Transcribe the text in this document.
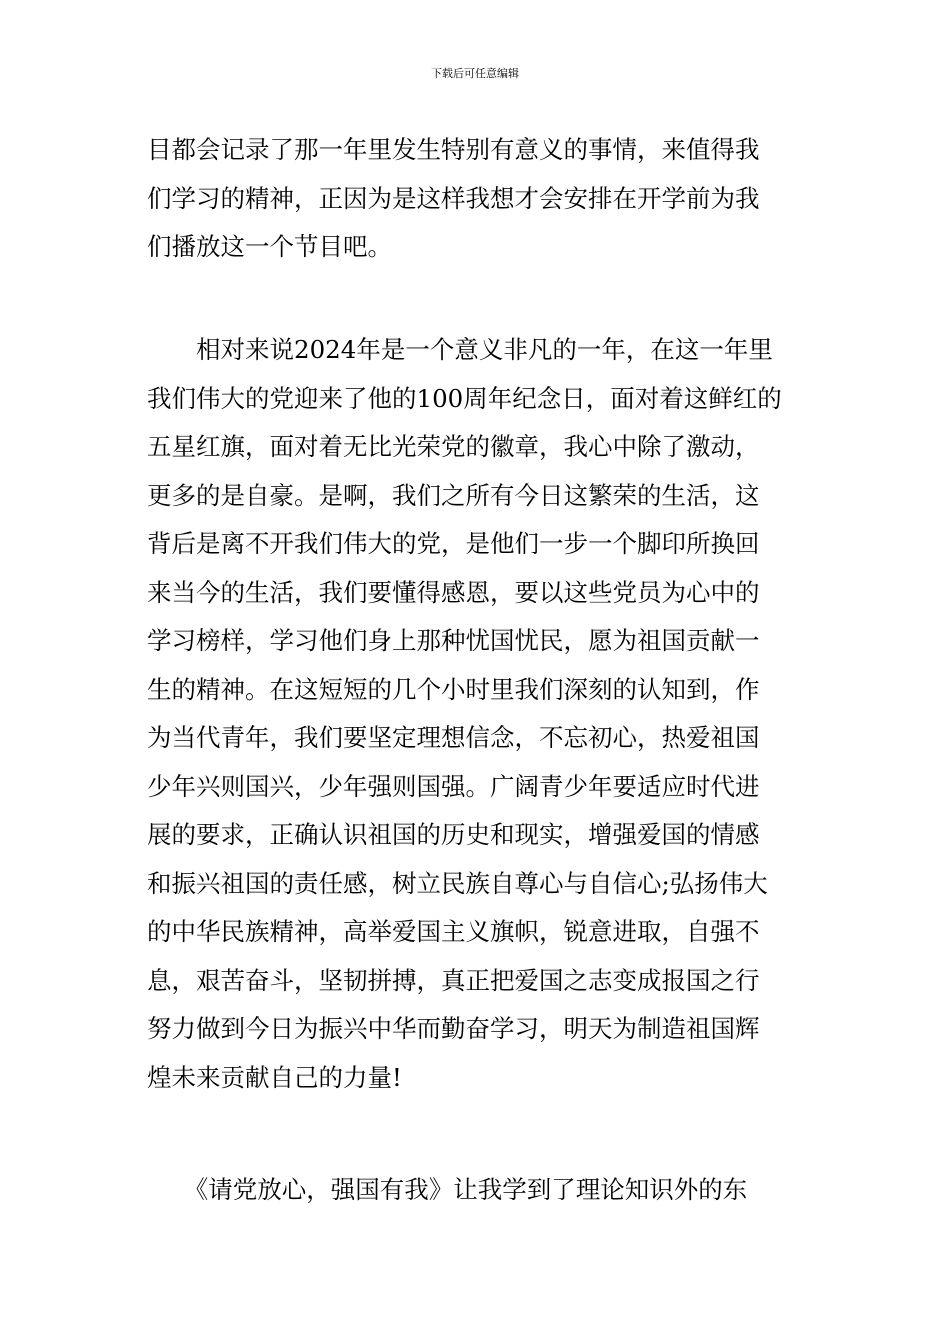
下载后可任意编辑
目都会记录了那一年里发生特别有意义的事情，来值得我
们学习的精神，正因为是这样我想才会安排在开学前为我
们播放这一个节目吧。
　　相对来说2024年是一个意义非凡的一年，在这一年里
我们伟大的党迎来了他的100周年纪念日，面对着这鲜红的
五星红旗，面对着无比光荣党的徽章，我心中除了激动，
更多的是自豪。是啊，我们之所有今日这繁荣的生活，这
背后是离不开我们伟大的党，是他们一步一个脚印所换回
来当今的生活，我们要懂得感恩，要以这些党员为心中的
学习榜样，学习他们身上那种忧国忧民，愿为祖国贡献一
生的精神。在这短短的几个小时里我们深刻的认知到，作
为当代青年，我们要坚定理想信念，不忘初心，热爱祖国
少年兴则国兴，少年强则国强。广阔青少年要适应时代进
展的要求，正确认识祖国的历史和现实，增强爱国的情感
和振兴祖国的责任感，树立民族自尊心与自信心;弘扬伟大
的中华民族精神，高举爱国主义旗帜，锐意进取，自强不
息，艰苦奋斗，坚韧拼搏，真正把爱国之志变成报国之行
努力做到今日为振兴中华而勤奋学习，明天为制造祖国辉
煌未来贡献自己的力量!
　　《请党放心，强国有我》让我学到了理论知识外的东
